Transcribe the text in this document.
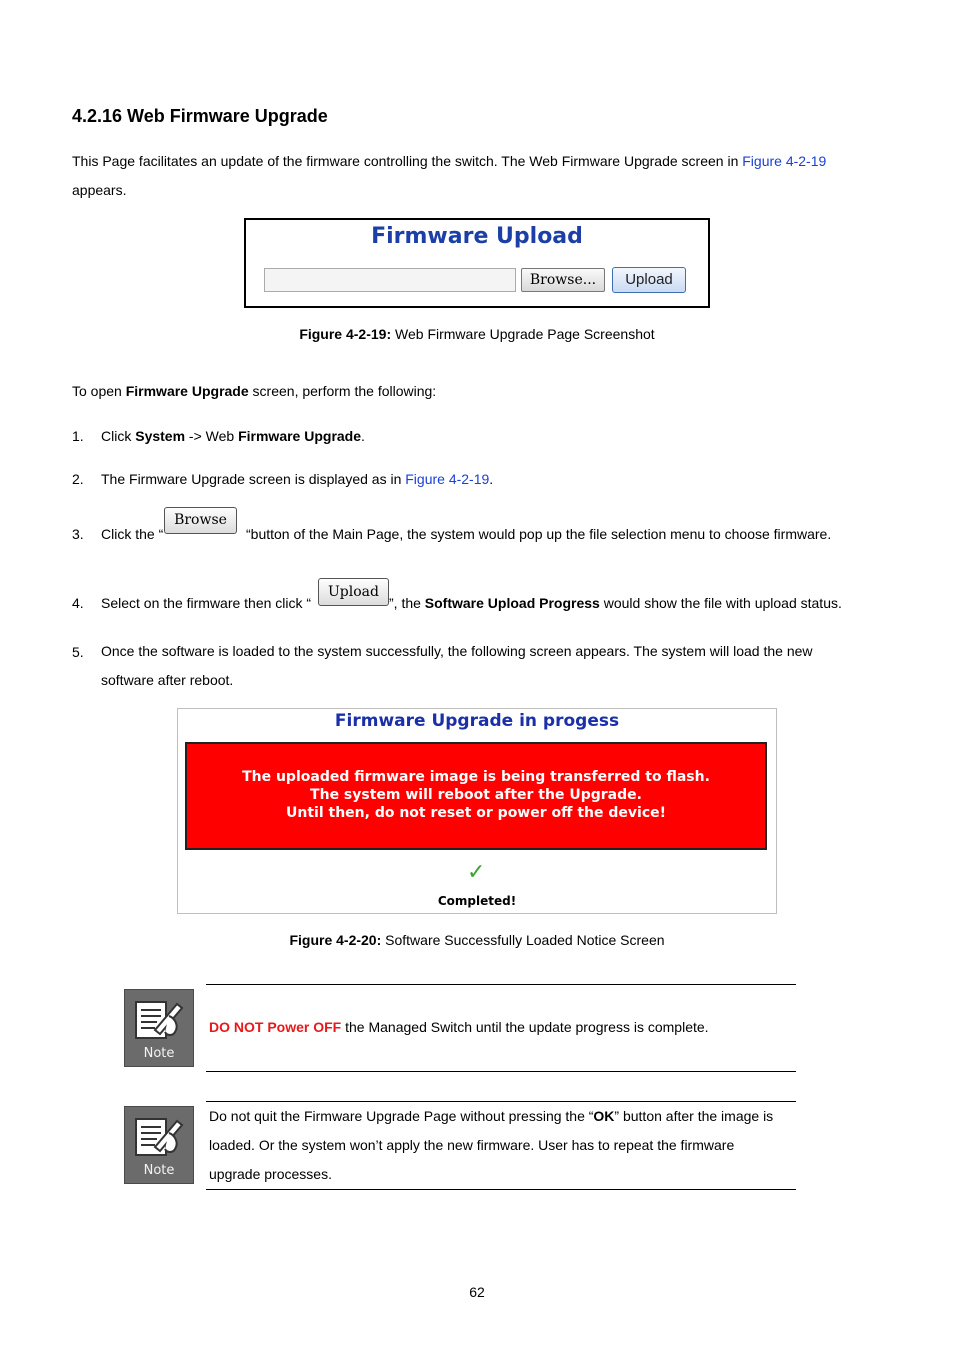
4.2.16 Web Firmware Upgrade
This Page facilitates an update of the firmware controlling the switch. The Web Firmware Upgrade screen in Figure 4-2-19
appears.
Firmware Upload
Browse...	Upload
Figure 4-2-19: Web Firmware Upgrade Page Screenshot
To open Firmware Upgrade screen, perform the following:
1. Click System -> Web Firmware Upgrade.
2. The Firmware Upgrade screen is displayed as in Figure 4-2-19.
3. Click the “
Browse
“button of the Main Page, the system would pop up the file selection menu to choose firmware.
4. Select on the firmware then click “
Upload
”, the Software Upload Progress would show the file with upload status.
5. Once the software is loaded to the system successfully, the following screen appears. The system will load the new
software after reboot.
Firmware Upgrade in progess
The uploaded firmware image is being transferred to flash.
The system will reboot after the Upgrade.
Until then, do not reset or power off the device!
✓
Completed!
Figure 4-2-20: Software Successfully Loaded Notice Screen
Note
DO NOT Power OFF the Managed Switch until the update progress is complete.
Note
Do not quit the Firmware Upgrade Page without pressing the “OK” button after the image is
loaded. Or the system won’t apply the new firmware. User has to repeat the firmware
upgrade processes.
62
